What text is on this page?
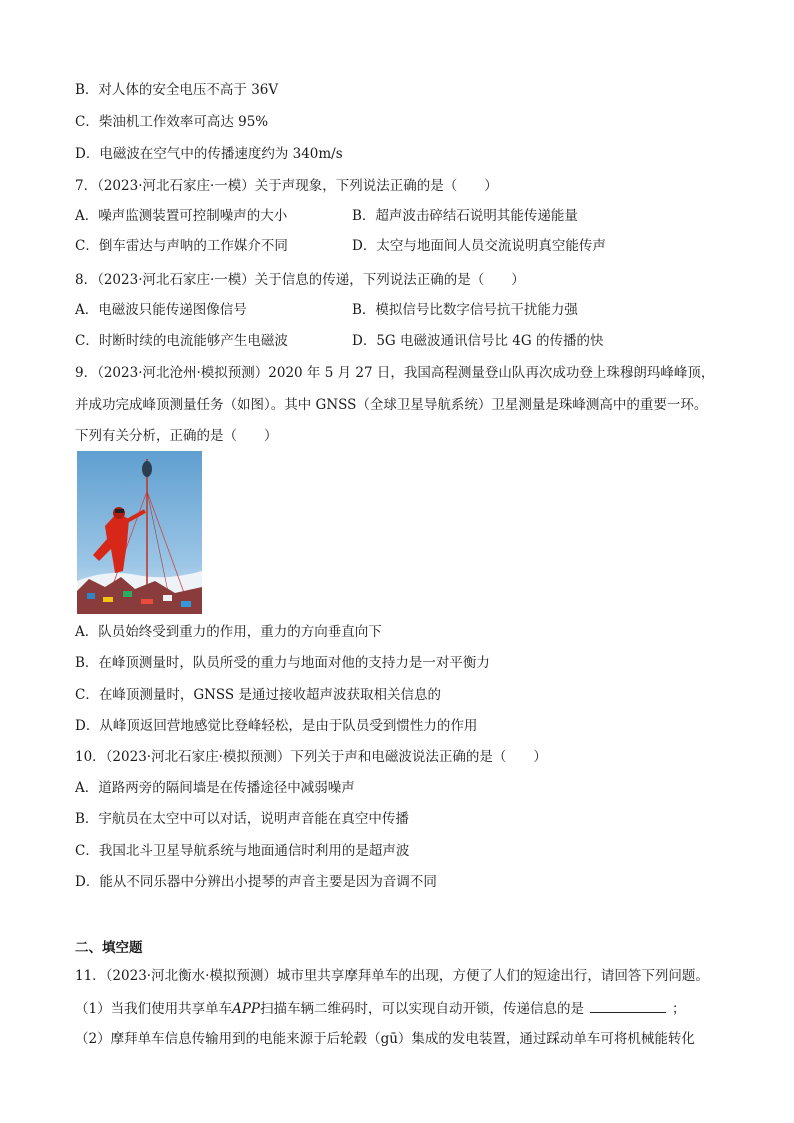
B．对人体的安全电压不高于 36V
C．柴油机工作效率可高达 95%
D．电磁波在空气中的传播速度约为 340m/s
7．（2023·河北石家庄·一模）关于声现象，下列说法正确的是（　　）
A．噪声监测装置可控制噪声的大小	B．超声波击碎结石说明其能传递能量
C．倒车雷达与声呐的工作媒介不同	D．太空与地面间人员交流说明真空能传声
8．（2023·河北石家庄·一模）关于信息的传递，下列说法正确的是（　　）
A．电磁波只能传递图像信号	B．模拟信号比数字信号抗干扰能力强
C．时断时续的电流能够产生电磁波	D．5G 电磁波通讯信号比 4G 的传播的快
9．（2023·河北沧州·模拟预测）2020 年 5 月 27 日，我国高程测量登山队再次成功登上珠穆朗玛峰峰顶，
并成功完成峰顶测量任务（如图）。其中 GNSS（全球卫星导航系统）卫星测量是珠峰测高中的重要一环。
下列有关分析，正确的是（　　）
A．队员始终受到重力的作用，重力的方向垂直向下
B．在峰顶测量时，队员所受的重力与地面对他的支持力是一对平衡力
C．在峰顶测量时，GNSS 是通过接收超声波获取相关信息的
D．从峰顶返回营地感觉比登峰轻松，是由于队员受到惯性力的作用
10．（2023·河北石家庄·模拟预测）下列关于声和电磁波说法正确的是（　　）
A．道路两旁的隔间墙是在传播途径中减弱噪声
B．宇航员在太空中可以对话，说明声音能在真空中传播
C．我国北斗卫星导航系统与地面通信时利用的是超声波
D．能从不同乐器中分辨出小提琴的声音主要是因为音调不同
二、填空题
11．（2023·河北衡水·模拟预测）城市里共享摩拜单车的出现，方便了人们的短途出行，请回答下列问题。
（1）当我们使用共享单车APP扫描车辆二维码时，可以实现自动开锁，传递信息的是	；
（2）摩拜单车信息传输用到的电能来源于后轮毂（gū）集成的发电装置，通过踩动单车可将机械能转化
